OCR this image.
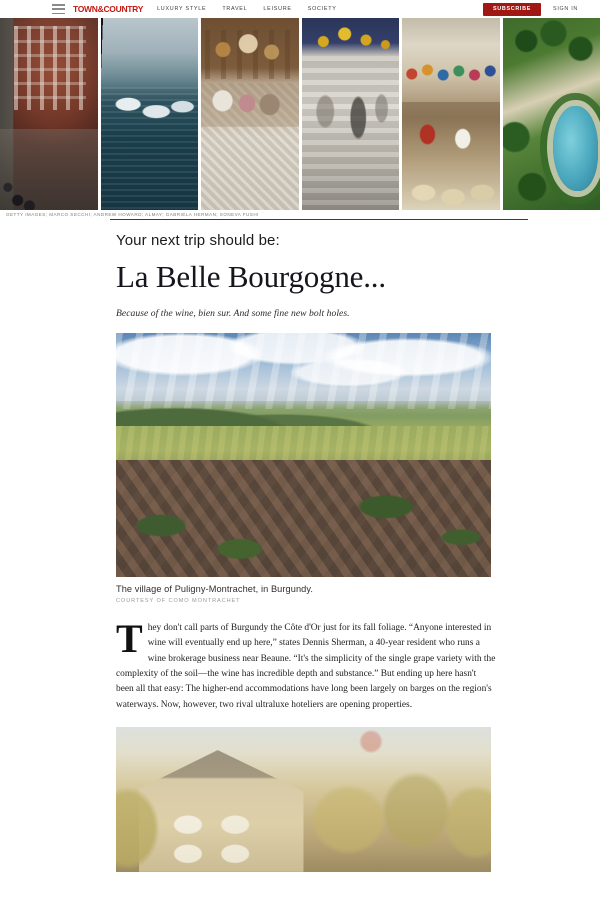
TOWN&COUNTRY	LUXURY STYLE	TRAVEL	LEISURE	SOCIETY	SUBSCRIBE	SIGN IN
GETTY IMAGES; MARCO SECCHI; ANDREW HOWARD; ALMAY; GABRIELA HERMAN; SONEVA FUSHI
Your next trip should be:
La Belle Bourgogne...
Because of the wine, bien sur. And some fine new bolt holes.
The village of Puligny-Montrachet, in Burgundy.
COURTESY OF COMO MONTRACHET

They don't call parts of Burgundy the Côte d'Or just for its fall foliage. “Anyone interested in wine will eventually end up here,” states Dennis Sherman, a 40-year resident who runs a wine brokerage business near Beaune. “It's the simplicity of the single grape variety with the complexity of the soil—the wine has incredible depth and substance.” But ending up here hasn't been all that easy: The higher-end accommodations have long been largely on barges on the region's waterways. Now, however, two rival ultraluxe hoteliers are opening properties.
